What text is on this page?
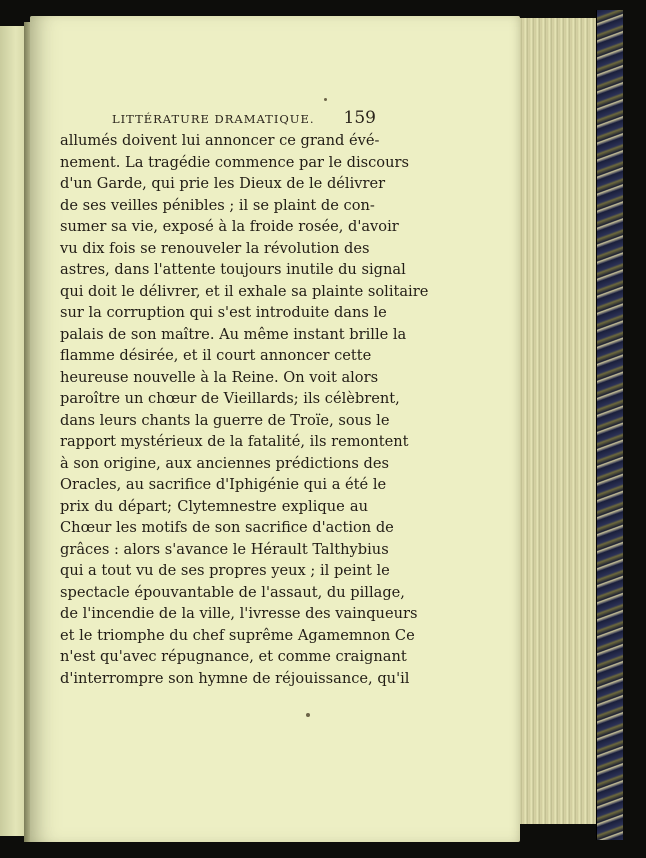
LITTÉRATURE DRAMATIQUE. 159
allumés doivent lui annoncer ce grand évé-
nement. La tragédie commence par le discours
d'un Garde, qui prie les Dieux de le délivrer
de ses veilles pénibles ; il se plaint de con-
sumer sa vie, exposé à la froide rosée, d'avoir
vu dix fois se renouveler la révolution des
astres, dans l'attente toujours inutile du signal
qui doit le délivrer, et il exhale sa plainte solitaire
sur la corruption qui s'est introduite dans le
palais de son maître. Au même instant brille la
flamme désirée, et il court annoncer cette
heureuse nouvelle à la Reine. On voit alors
paroître un chœur de Vieillards; ils célèbrent,
dans leurs chants la guerre de Troïe, sous le
rapport mystérieux de la fatalité, ils remontent
à son origine, aux anciennes prédictions des
Oracles, au sacrifice d'Iphigénie qui a été le
prix du départ; Clytemnestre explique au
Chœur les motifs de son sacrifice d'action de
grâces : alors s'avance le Hérault Talthybius
qui a tout vu de ses propres yeux ; il peint le
spectacle épouvantable de l'assaut, du pillage,
de l'incendie de la ville, l'ivresse des vainqueurs
et le triomphe du chef suprême Agamemnon Ce
n'est qu'avec répugnance, et comme craignant
d'interrompre son hymne de réjouissance, qu'il
